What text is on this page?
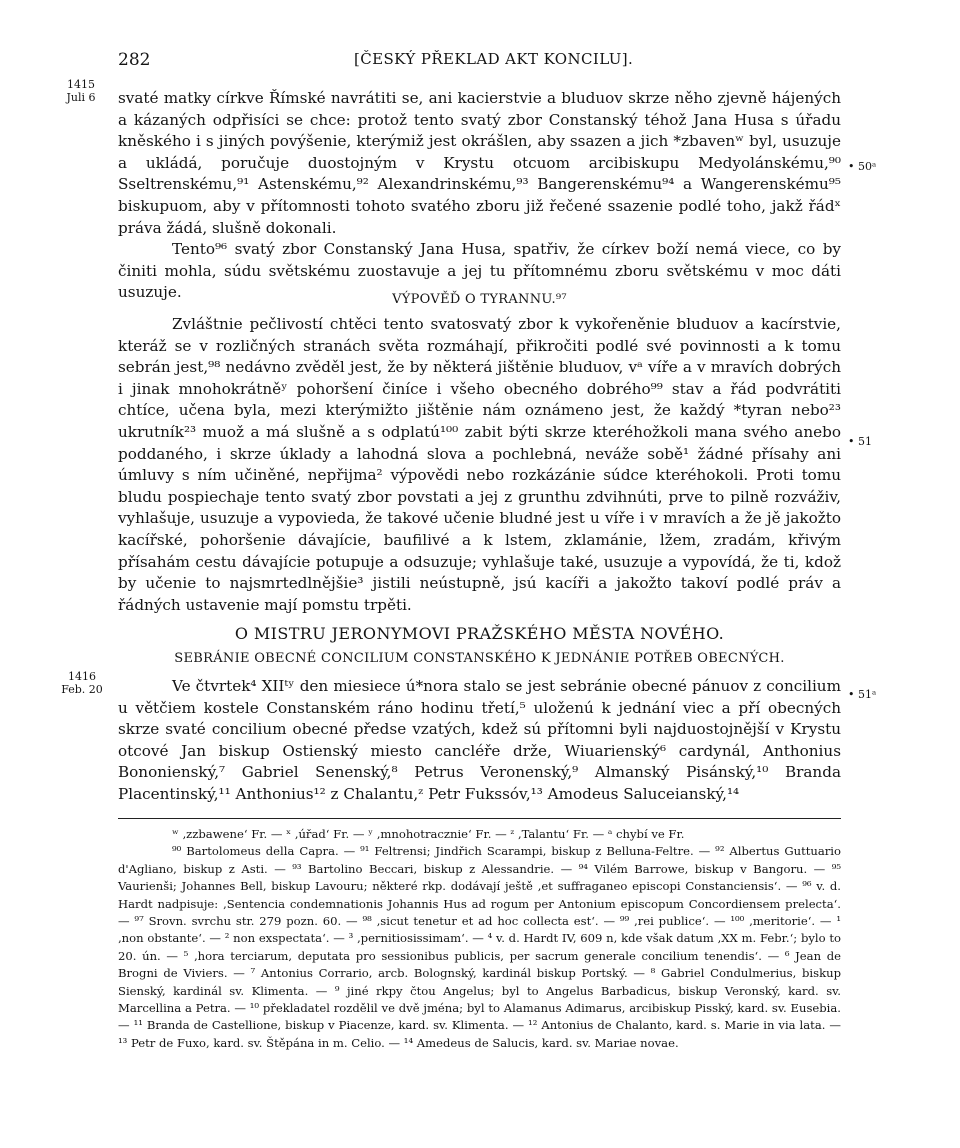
282	[ČESKÝ PŘEKLAD AKT KONCILU].
1415
Juli 6
1416
Feb. 20
• 50ᵃ
• 51
• 51ᵃ

svaté matky církve Římské navrátiti se, ani kacierstvie a bluduov skrze něho zjevně hájených a kázaných odpřisíci se chce: protož tento svatý zbor Constanský téhož Jana Husa s úřadu kněského i s jiných povýšenie, kterýmiž jest okrášlen, aby ssazen a jich *zbavenʷ byl, usuzuje a ukládá, poručuje duostojným v Krystu otcuom arcibiskupu Medyolánskému,⁹⁰ Sseltrenskému,⁹¹ Astenskému,⁹² Alexandrinskému,⁹³ Bangerenskému⁹⁴ a Wangerenskému⁹⁵ biskupuom, aby v přítomnosti tohoto svatého zboru již řečené ssazenie podlé toho, jakž řádˣ práva žádá, slušně dokonali.

Tento⁹⁶ svatý zbor Constanský Jana Husa, spatřiv, že církev boží nemá viece, co by činiti mohla, súdu světskému zuostavuje a jej tu přítomnému zboru světskému v moc dáti usuzuje.	VÝPOVĚĎ O TYRANNU.⁹⁷

Zvláštnie pečlivostí chtěci tento svatosvatý zbor k vykořeněnie bluduov a kacírstvie, kteráž se v rozličných stranách světa rozmáhají, přikročiti podlé své povinnosti a k tomu sebrán jest,⁹⁸ nedávno zvěděl jest, že by některá jištěnie bluduov, vᵃ víře a v mravích dobrých i jinak mnohokrátněʸ pohoršení činíce i všeho obecného dobrého⁹⁹ stav a řád podvrátiti chtíce, učena byla, mezi kterýmižto jištěnie nám oznámeno jest, že každý *tyran nebo²³ ukrutník²³ muož a má slušně a s odplatú¹⁰⁰ zabit býti skrze kteréhožkoli mana svého anebo poddaného, i skrze úklady a lahodná slova a pochlebná, neváže sobě¹ žádné přísahy ani úmluvy s ním učiněné, nepřijma² výpovědi nebo rozkázánie súdce kteréhokoli. Proti tomu bludu pospiechaje tento svatý zbor povstati a jej z grunthu zdvihnúti, prve to pilně rozváživ, vyhlašuje, usuzuje a vypovieda, že takové učenie bludné jest u víře i v mravích a že jě jakožto kacířské, pohoršenie dávajície, baufilivé a k lstem, zklamánie, lžem, zradám, křivým přísahám cestu dávajície potupuje a odsuzuje; vyhlašuje také, usuzuje a vypovídá, že ti, kdož by učenie to najsmrtedlnějšie³ jistili neústupně, jsú kacíři a jakožto takoví podlé práv a řádných ustavenie mají pomstu trpěti.

O MISTRU JERONYMOVI PRAŽSKÉHO MĚSTA NOVÉHO.
SEBRÁNIE OBECNÉ CONCILIUM CONSTANSKÉHO K JEDNÁNIE POTŘEB OBECNÝCH.

Ve čtvrtek⁴ XIIᵗʸ den miesiece ú*nora stalo se jest sebránie obecné pánuov z concilium u větčiem kostele Constanském ráno hodinu třetí,⁵ uloženú k jednání viec a pří obecných skrze svaté concilium obecné předse vzatých, kdež sú přítomni byli najduostojnější v Krystu otcové Jan biskup Ostienský miesto cancléře drže, Wiuarienský⁶ cardynál, Anthonius Bononienský,⁷ Gabriel Senenský,⁸ Petrus Veronenský,⁹ Almanský Pisánský,¹⁰ Branda Placentinský,¹¹ Anthonius¹² z Chalantu,ᶻ Petr Fukssóv,¹³ Amodeus Saluceianský,¹⁴

ʷ ‚zzbawene‘ Fr. — ˣ ‚úřad‘ Fr. — ʸ ‚mnohotracznie‘ Fr. — ᶻ ‚Talantu‘ Fr. — ᵃ chybí ve Fr.

⁹⁰ Bartolomeus della Capra. — ⁹¹ Feltrensi; Jindřich Scarampi, biskup z Belluna-Feltre. — ⁹² Albertus Guttuario d'Agliano, biskup z Asti. — ⁹³ Bartolino Beccari, biskup z Alessandrie. — ⁹⁴ Vilém Barrowe, biskup v Bangoru. — ⁹⁵ Vaurienši; Johannes Bell, biskup Lavouru; některé rkp. dodávají ještě ‚et suffraganeo episcopi Constanciensis‘. — ⁹⁶ v. d. Hardt nadpisuje: ‚Sentencia condemnationis Johannis Hus ad rogum per Antonium episcopum Concordiensem prelecta‘. — ⁹⁷ Srovn. svrchu str. 279 pozn. 60. — ⁹⁸ ‚sicut tenetur et ad hoc collecta est‘. — ⁹⁹ ‚rei publice‘. — ¹⁰⁰ ‚meritorie‘. — ¹ ‚non obstante‘. — ² non exspectata‘. — ³ ‚pernitiosissimam‘. — ⁴ v. d. Hardt IV, 609 n, kde však datum ‚XX m. Febr.‘; bylo to 20. ún. — ⁵ ‚hora terciarum, deputata pro sessionibus publicis, per sacrum generale concilium tenendis‘. — ⁶ Jean de Brogni de Viviers. — ⁷ Antonius Corrario, arcb. Bolognský, kardinál biskup Portský. — ⁸ Gabriel Condulmerius, biskup Sienský, kardinál sv. Klimenta. — ⁹ jiné rkpy čtou Angelus; byl to Angelus Barbadicus, biskup Veronský, kard. sv. Marcellina a Petra. — ¹⁰ překladatel rozdělil ve dvě jména; byl to Alamanus Adimarus, arcibiskup Pisský, kard. sv. Eusebia. — ¹¹ Branda de Castellione, biskup v Piacenze, kard. sv. Klimenta. — ¹² Antonius de Chalanto, kard. s. Marie in via lata. — ¹³ Petr de Fuxo, kard. sv. Štěpána in m. Celio. — ¹⁴ Amedeus de Salucis, kard. sv. Mariae novae.
